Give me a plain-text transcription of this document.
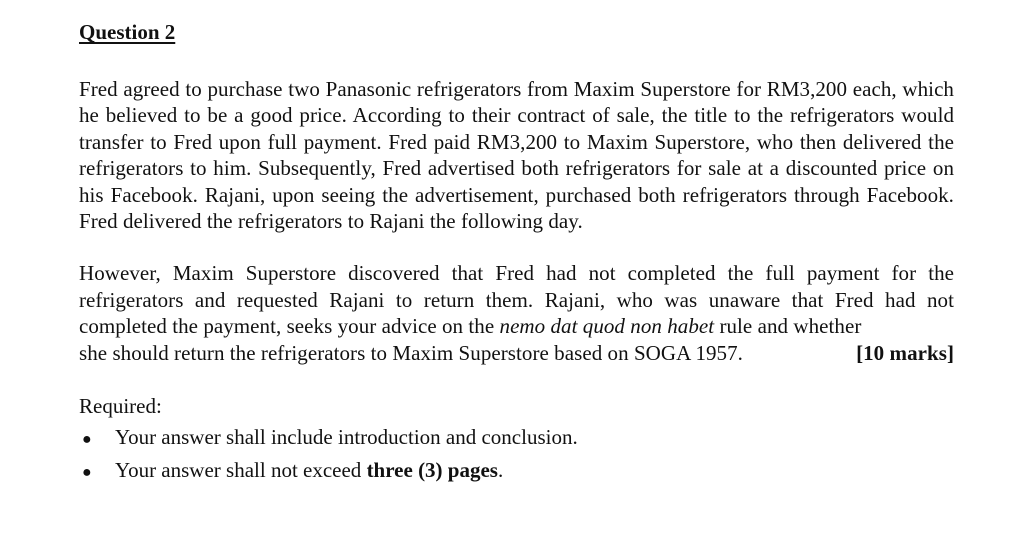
Question 2

Fred agreed to purchase two Panasonic refrigerators from Maxim Superstore for RM3,200 each, which he believed to be a good price. According to their contract of sale, the title to the refrigerators would transfer to Fred upon full payment. Fred paid RM3,200 to Maxim Superstore, who then delivered the refrigerators to him. Subsequently, Fred advertised both refrigerators for sale at a discounted price on his Facebook. Rajani, upon seeing the advertisement, purchased both refrigerators through Facebook. Fred delivered the refrigerators to Rajani the following day.

However, Maxim Superstore discovered that Fred had not completed the full payment for the refrigerators and requested Rajani to return them. Rajani, who was unaware that Fred had not completed the payment, seeks your advice on the nemo dat quod non habet rule and whether

she should return the refrigerators to Maxim Superstore based on SOGA 1957.	[10 marks]
Required:
●	Your answer shall include introduction and conclusion.
●	Your answer shall not exceed three (3) pages.
